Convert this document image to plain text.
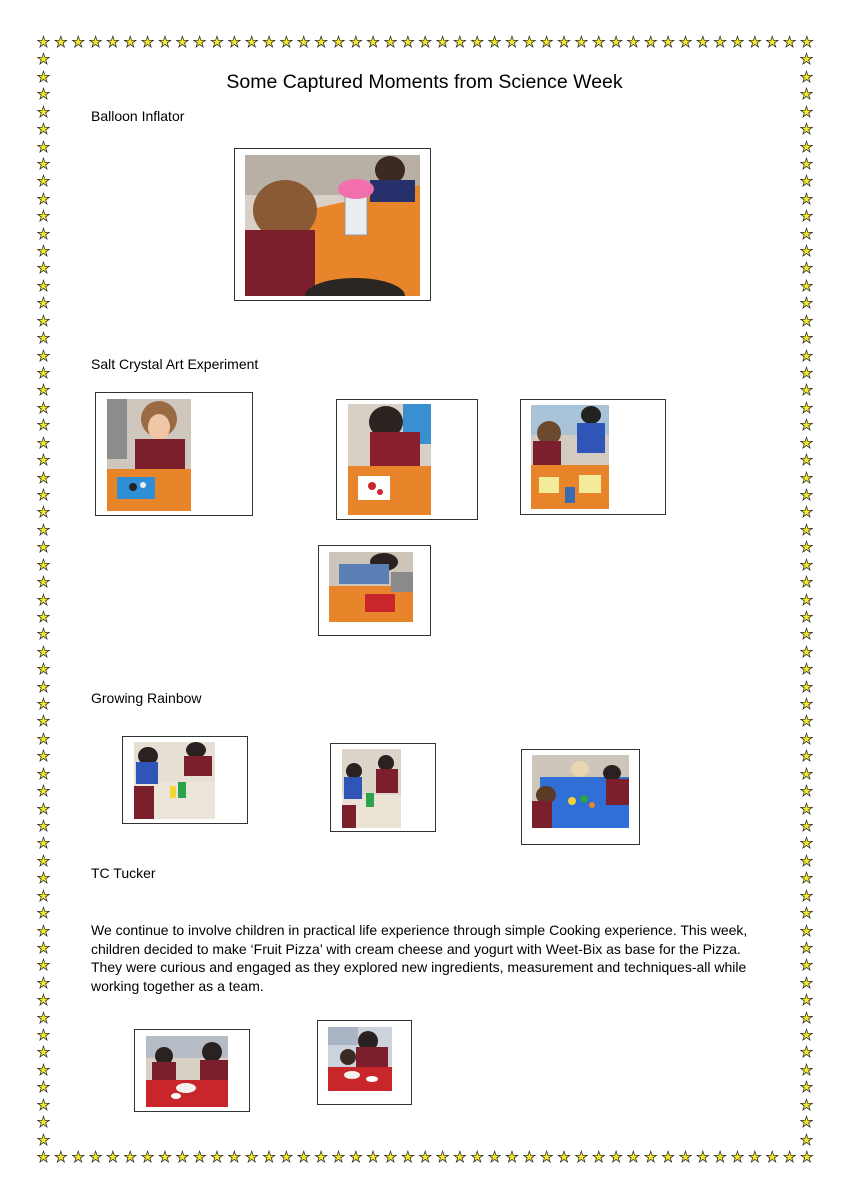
★
★
★
★
★
★
★
★
★
★
★
★
★
★
★
★
★
★
★
★
★
★
★
★
★
★
★
★
★
★
★
★
★
★
★
★
★
★
★
★
★
★
★
★
★
★
★
★
★
★
★
★
★
★
★
★
★
★
★
★
★
★
★
★
★
★
★
★
★
★
★
★
★
★
★
★
★
★
★
★
★
★
★
★
★
★
★
★
★
★
★	★
★	★
★	★
★	★
★	★
★	★
★	★
★	★
★	★
★	★
★	★
★	★
★	★
★	★
★	★
★	★
★	★
★	★
★	★
★	★
★	★
★	★
★	★
★	★
★	★
★	★
★	★
★	★
★	★
★	★
★	★
★	★
★	★
★	★
★	★
★	★
★	★
★	★
★	★
★	★
★	★
★	★
★	★
★	★
★	★
★	★
★	★
★	★
★	★
★	★
★	★
★	★
★	★
★	★
★	★
★	★
★	★
★	★
★	★
★	★
★	★
★	★
★	★
Some Captured Moments from Science Week
Balloon Inflator
Salt Crystal Art Experiment
Growing Rainbow
TC Tucker
We continue to involve children in practical life experience through simple Cooking experience. This week, children decided to make ‘Fruit Pizza’ with cream cheese and yogurt with Weet-Bix as base for the Pizza. They were curious and engaged as they explored new ingredients, measurement and techniques-all while working together as a team.
